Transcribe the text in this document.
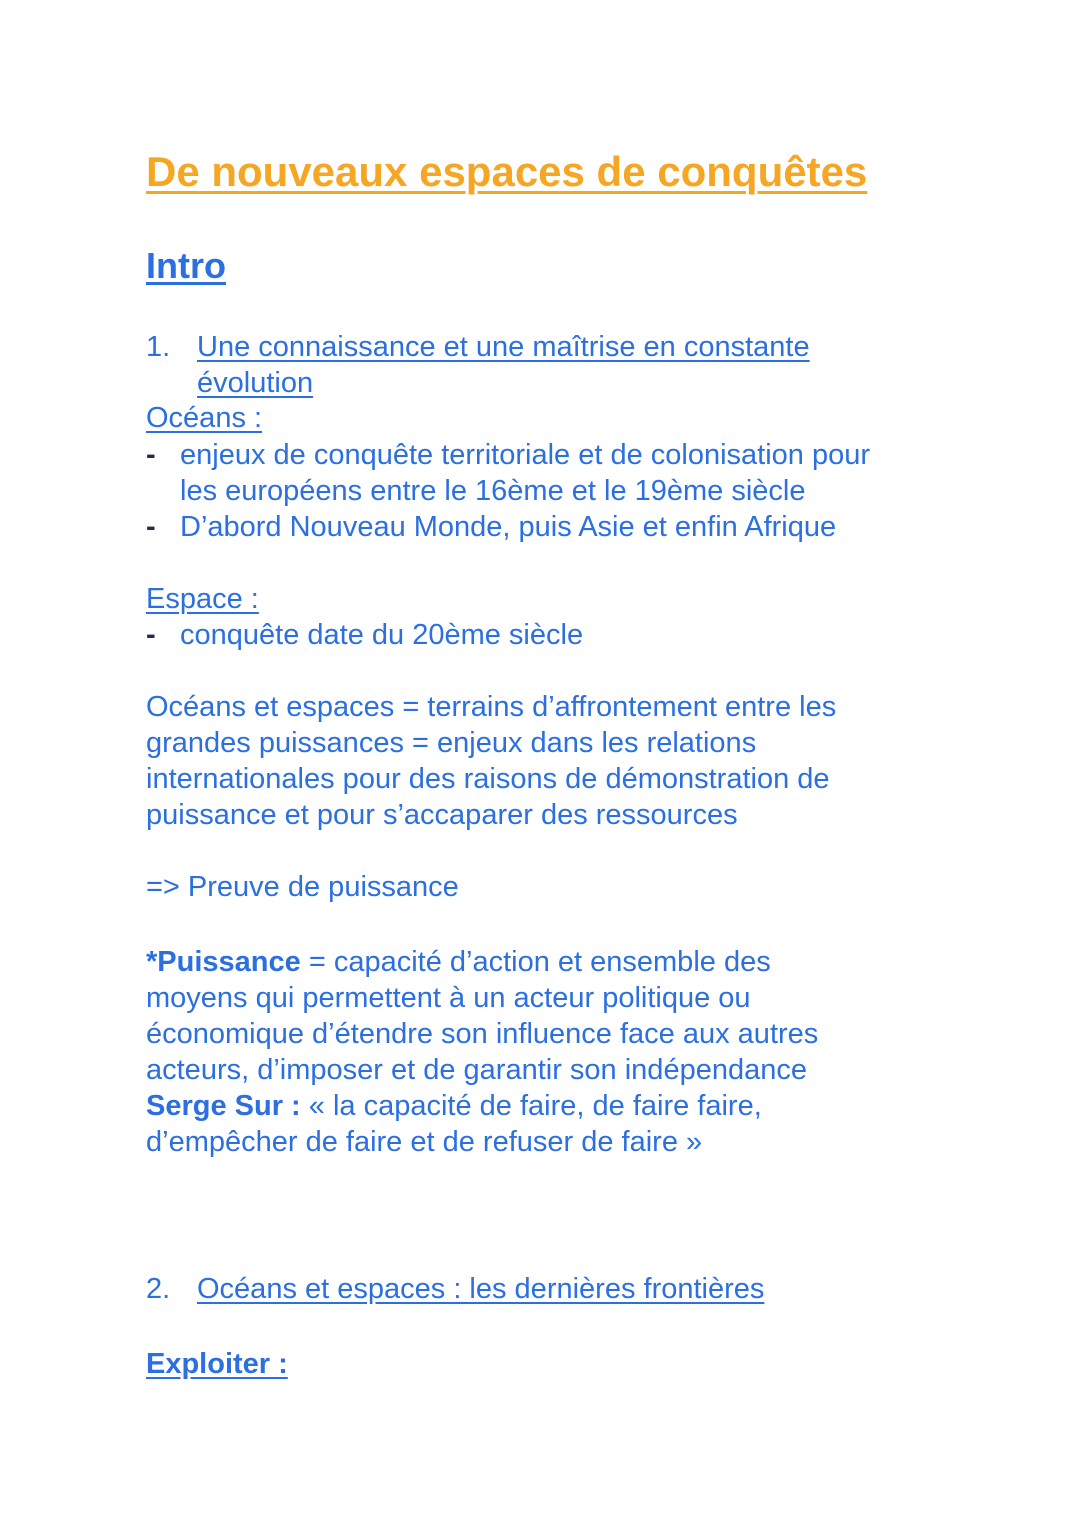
De nouveaux espaces de conquêtes
Intro
1. Une connaissance et une maîtrise en constante
évolution
Océans :
- enjeux de conquête territoriale et de colonisation pour
les européens entre le 16ème et le 19ème siècle
- D’abord Nouveau Monde, puis Asie et enfin Afrique
Espace :
- conquête date du 20ème siècle

Océans et espaces = terrains d’affrontement entre les
grandes puissances = enjeux dans les relations
internationales pour des raisons de démonstration de
puissance et pour s’accaparer des ressources

=> Preuve de puissance

*Puissance = capacité d’action et ensemble des
moyens qui permettent à un acteur politique ou
économique d’étendre son influence face aux autres
acteurs, d’imposer et de garantir son indépendance
Serge Sur : « la capacité de faire, de faire faire,
d’empêcher de faire et de refuser de faire »

2. Océans et espaces : les dernières frontières
Exploiter :
